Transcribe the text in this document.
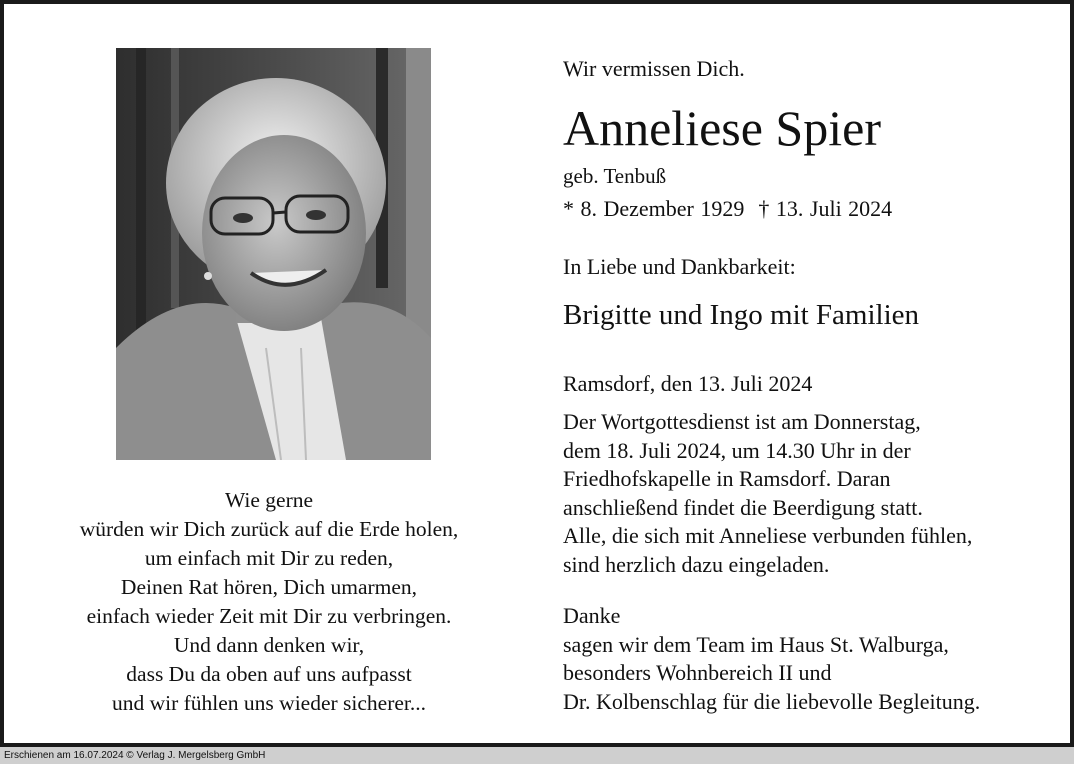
Wie gerne
würden wir Dich zurück auf die Erde holen,
um einfach mit Dir zu reden,
Deinen Rat hören, Dich umarmen,
einfach wieder Zeit mit Dir zu verbringen.
Und dann denken wir,
dass Du da oben auf uns aufpasst
und wir fühlen uns wieder sicherer...
Wir vermissen Dich.
Anneliese Spier
geb. Tenbuß
* 8. Dezember 1929 † 13. Juli 2024
In Liebe und Dankbarkeit:
Brigitte und Ingo mit Familien
Ramsdorf, den 13. Juli 2024
Der Wortgottesdienst ist am Donnerstag,
dem 18. Juli 2024, um 14.30 Uhr in der
Friedhofskapelle in Ramsdorf. Daran
anschließend findet die Beerdigung statt.
Alle, die sich mit Anneliese verbunden fühlen,
sind herzlich dazu eingeladen.
Danke
sagen wir dem Team im Haus St. Walburga,
besonders Wohnbereich II und
Dr. Kolbenschlag für die liebevolle Begleitung.
Erschienen am 16.07.2024 © Verlag J. Mergelsberg GmbH
